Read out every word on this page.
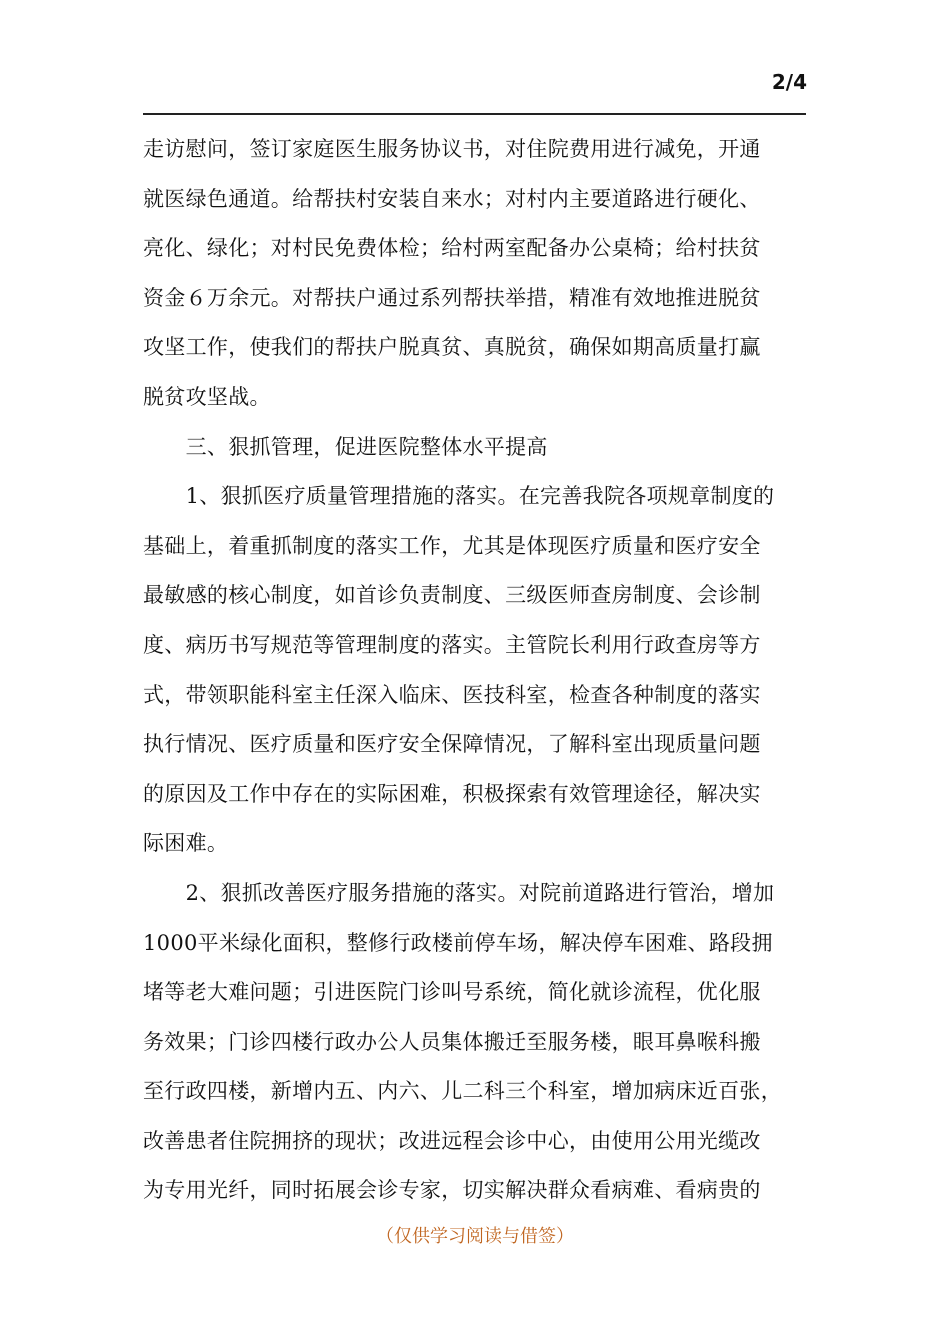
2/4
走访慰问，签订家庭医生服务协议书，对住院费用进行减免，开通
就医绿色通道。给帮扶村安装自来水；对村内主要道路进行硬化、
亮化、绿化；对村民免费体检；给村两室配备办公桌椅；给村扶贫
资金６万余元。对帮扶户通过系列帮扶举措，精准有效地推进脱贫
攻坚工作，使我们的帮扶户脱真贫、真脱贫，确保如期高质量打赢
脱贫攻坚战。
　　三、狠抓管理，促进医院整体水平提高
　　1、狠抓医疗质量管理措施的落实。在完善我院各项规章制度的
基础上，着重抓制度的落实工作，尤其是体现医疗质量和医疗安全
最敏感的核心制度，如首诊负责制度、三级医师查房制度、会诊制
度、病历书写规范等管理制度的落实。主管院长利用行政查房等方
式，带领职能科室主任深入临床、医技科室，检查各种制度的落实
执行情况、医疗质量和医疗安全保障情况，了解科室出现质量问题
的原因及工作中存在的实际困难，积极探索有效管理途径，解决实
际困难。
　　2、狠抓改善医疗服务措施的落实。对院前道路进行管治，增加
1000平米绿化面积，整修行政楼前停车场，解决停车困难、路段拥
堵等老大难问题；引进医院门诊叫号系统，简化就诊流程，优化服
务效果；门诊四楼行政办公人员集体搬迁至服务楼，眼耳鼻喉科搬
至行政四楼，新增内五、内六、儿二科三个科室，增加病床近百张，
改善患者住院拥挤的现状；改进远程会诊中心，由使用公用光缆改
为专用光纤，同时拓展会诊专家，切实解决群众看病难、看病贵的
（仅供学习阅读与借签）
